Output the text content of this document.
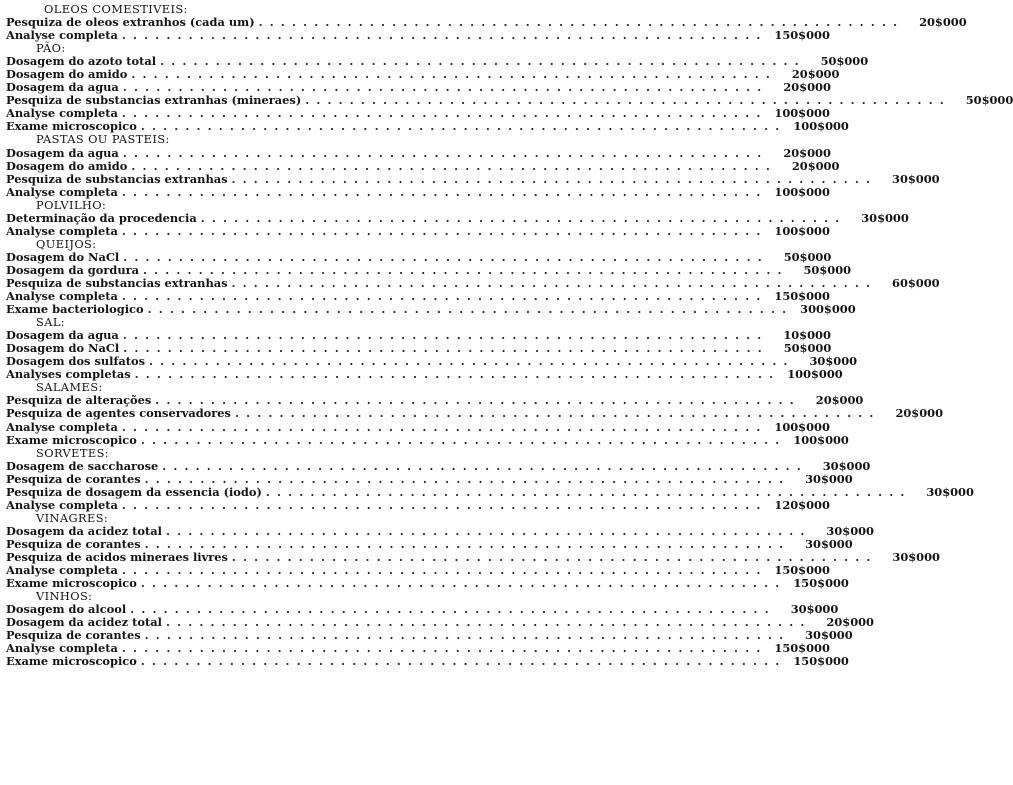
OLEOS COMESTIVEIS:
Pesquiza de oleos extranhos (cada um) . . . . . . . . . . . . . . . . . . . . . . . . . . . . . . . . . . . . . . . . . . . . . . . . . . . . . . . . . .	20$000
Analyse completa . . . . . . . . . . . . . . . . . . . . . . . . . . . . . . . . . . . . . . . . . . . . . . . . . . . . . . . . . .	150$000
PÃO:
Dosagem do azoto total . . . . . . . . . . . . . . . . . . . . . . . . . . . . . . . . . . . . . . . . . . . . . . . . . . . . . . . . . .	50$000
Dosagem do amido . . . . . . . . . . . . . . . . . . . . . . . . . . . . . . . . . . . . . . . . . . . . . . . . . . . . . . . . . .	20$000
Dosagem da agua . . . . . . . . . . . . . . . . . . . . . . . . . . . . . . . . . . . . . . . . . . . . . . . . . . . . . . . . . .	20$000
Pesquiza de substancias extranhas (mineraes) . . . . . . . . . . . . . . . . . . . . . . . . . . . . . . . . . . . . . . . . . . . . . . . . . . . . . . . . . .	50$000
Analyse completa . . . . . . . . . . . . . . . . . . . . . . . . . . . . . . . . . . . . . . . . . . . . . . . . . . . . . . . . . .	100$000
Exame microscopico . . . . . . . . . . . . . . . . . . . . . . . . . . . . . . . . . . . . . . . . . . . . . . . . . . . . . . . . . .	100$000
PASTAS OU PASTEIS:
Dosagem da agua . . . . . . . . . . . . . . . . . . . . . . . . . . . . . . . . . . . . . . . . . . . . . . . . . . . . . . . . . .	20$000
Dosagem do amido . . . . . . . . . . . . . . . . . . . . . . . . . . . . . . . . . . . . . . . . . . . . . . . . . . . . . . . . . .	20$000
Pesquiza de substancias extranhas . . . . . . . . . . . . . . . . . . . . . . . . . . . . . . . . . . . . . . . . . . . . . . . . . . . . . . . . . .	30$000
Analyse completa . . . . . . . . . . . . . . . . . . . . . . . . . . . . . . . . . . . . . . . . . . . . . . . . . . . . . . . . . .	100$000
POLVILHO:
Determinação da procedencia . . . . . . . . . . . . . . . . . . . . . . . . . . . . . . . . . . . . . . . . . . . . . . . . . . . . . . . . . .	30$000
Analyse completa . . . . . . . . . . . . . . . . . . . . . . . . . . . . . . . . . . . . . . . . . . . . . . . . . . . . . . . . . .	100$000
QUEIJOS:
Dosagem do NaCl . . . . . . . . . . . . . . . . . . . . . . . . . . . . . . . . . . . . . . . . . . . . . . . . . . . . . . . . . .	50$000
Dosagem da gordura . . . . . . . . . . . . . . . . . . . . . . . . . . . . . . . . . . . . . . . . . . . . . . . . . . . . . . . . . .	50$000
Pesquiza de substancias extranhas . . . . . . . . . . . . . . . . . . . . . . . . . . . . . . . . . . . . . . . . . . . . . . . . . . . . . . . . . .	60$000
Analyse completa . . . . . . . . . . . . . . . . . . . . . . . . . . . . . . . . . . . . . . . . . . . . . . . . . . . . . . . . . .	150$000
Exame bacteriologico . . . . . . . . . . . . . . . . . . . . . . . . . . . . . . . . . . . . . . . . . . . . . . . . . . . . . . . . . .	300$000
SAL:
Dosagem da agua . . . . . . . . . . . . . . . . . . . . . . . . . . . . . . . . . . . . . . . . . . . . . . . . . . . . . . . . . .	10$000
Dosagem do NaCl . . . . . . . . . . . . . . . . . . . . . . . . . . . . . . . . . . . . . . . . . . . . . . . . . . . . . . . . . .	50$000
Dosagem dos sulfatos . . . . . . . . . . . . . . . . . . . . . . . . . . . . . . . . . . . . . . . . . . . . . . . . . . . . . . . . . .	30$000
Analyses completas . . . . . . . . . . . . . . . . . . . . . . . . . . . . . . . . . . . . . . . . . . . . . . . . . . . . . . . . . .	100$000
SALAMES:
Pesquiza de alterações . . . . . . . . . . . . . . . . . . . . . . . . . . . . . . . . . . . . . . . . . . . . . . . . . . . . . . . . . .	20$000
Pesquiza de agentes conservadores . . . . . . . . . . . . . . . . . . . . . . . . . . . . . . . . . . . . . . . . . . . . . . . . . . . . . . . . . .	20$000
Analyse completa . . . . . . . . . . . . . . . . . . . . . . . . . . . . . . . . . . . . . . . . . . . . . . . . . . . . . . . . . .	100$000
Exame microscopico . . . . . . . . . . . . . . . . . . . . . . . . . . . . . . . . . . . . . . . . . . . . . . . . . . . . . . . . . .	100$000
SORVETES:
Dosagem de saccharose . . . . . . . . . . . . . . . . . . . . . . . . . . . . . . . . . . . . . . . . . . . . . . . . . . . . . . . . . .	30$000
Pesquiza de corantes . . . . . . . . . . . . . . . . . . . . . . . . . . . . . . . . . . . . . . . . . . . . . . . . . . . . . . . . . .	30$000
Pesquiza de dosagem da essencia (iodo) . . . . . . . . . . . . . . . . . . . . . . . . . . . . . . . . . . . . . . . . . . . . . . . . . . . . . . . . . .	30$000
Analyse completa . . . . . . . . . . . . . . . . . . . . . . . . . . . . . . . . . . . . . . . . . . . . . . . . . . . . . . . . . .	120$000
VINAGRES:
Dosagem da acidez total . . . . . . . . . . . . . . . . . . . . . . . . . . . . . . . . . . . . . . . . . . . . . . . . . . . . . . . . . .	30$000
Pesquiza de corantes . . . . . . . . . . . . . . . . . . . . . . . . . . . . . . . . . . . . . . . . . . . . . . . . . . . . . . . . . .	30$000
Pesquiza de acidos mineraes livres . . . . . . . . . . . . . . . . . . . . . . . . . . . . . . . . . . . . . . . . . . . . . . . . . . . . . . . . . .	30$000
Analyse completa . . . . . . . . . . . . . . . . . . . . . . . . . . . . . . . . . . . . . . . . . . . . . . . . . . . . . . . . . .	150$000
Exame microscopico . . . . . . . . . . . . . . . . . . . . . . . . . . . . . . . . . . . . . . . . . . . . . . . . . . . . . . . . . .	150$000
VINHOS:
Dosagem do alcool . . . . . . . . . . . . . . . . . . . . . . . . . . . . . . . . . . . . . . . . . . . . . . . . . . . . . . . . . .	30$000
Dosagem da acidez total . . . . . . . . . . . . . . . . . . . . . . . . . . . . . . . . . . . . . . . . . . . . . . . . . . . . . . . . . .	20$000
Pesquiza de corantes . . . . . . . . . . . . . . . . . . . . . . . . . . . . . . . . . . . . . . . . . . . . . . . . . . . . . . . . . .	30$000
Analyse completa . . . . . . . . . . . . . . . . . . . . . . . . . . . . . . . . . . . . . . . . . . . . . . . . . . . . . . . . . .	150$000
Exame microscopico . . . . . . . . . . . . . . . . . . . . . . . . . . . . . . . . . . . . . . . . . . . . . . . . . . . . . . . . . .	150$000
